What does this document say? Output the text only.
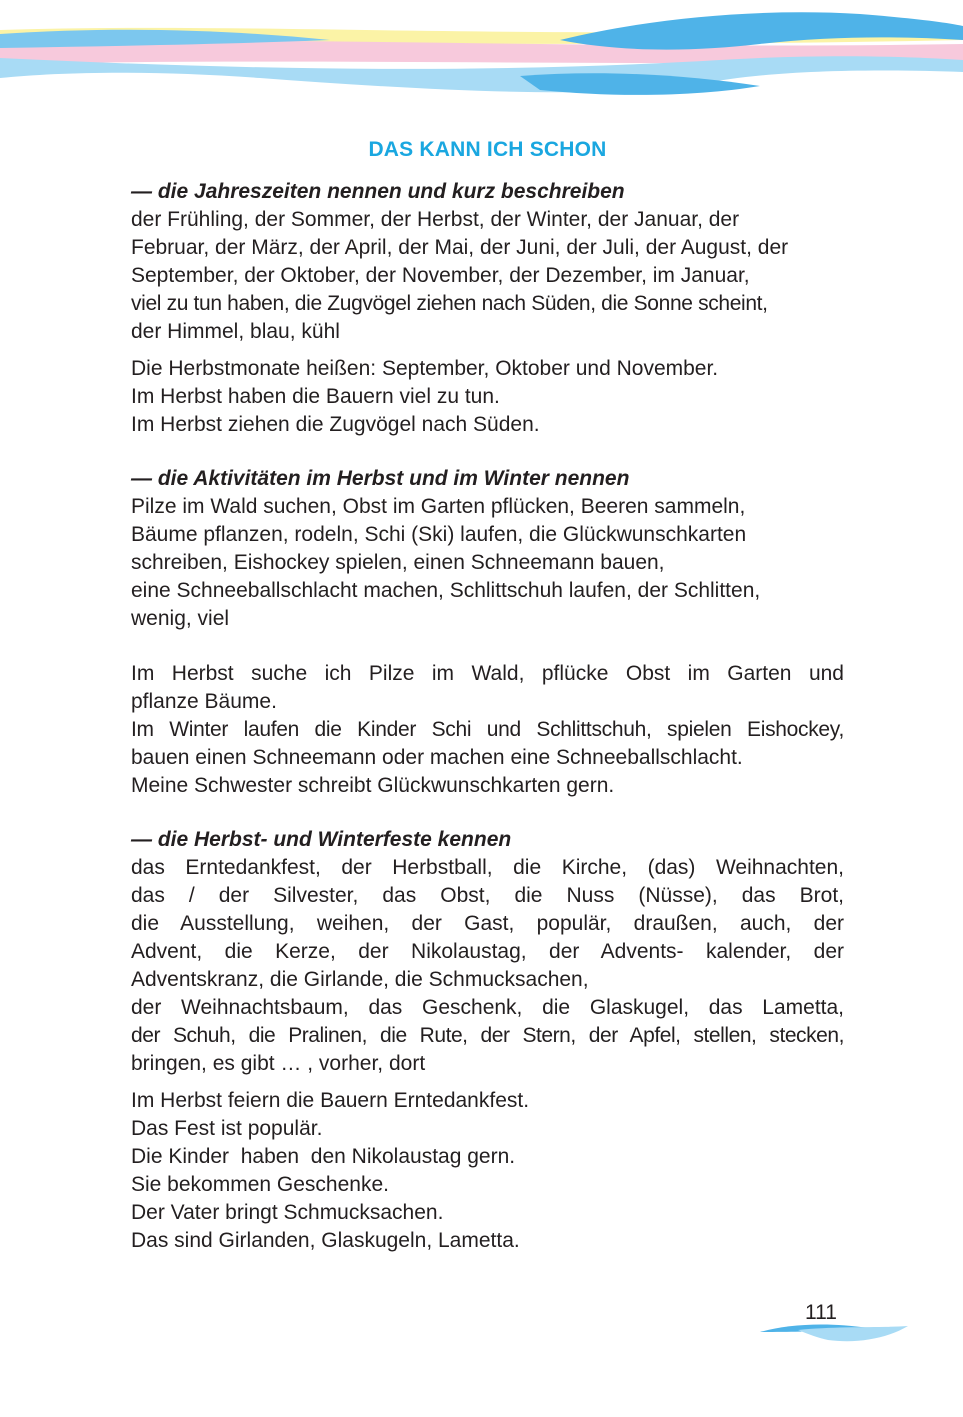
DAS KANN ICH SCHON
— die Jahreszeiten nennen und kurz beschreiben
der Frühling, der Sommer, der Herbst, der Winter, der Januar, der
Februar, der März, der April, der Mai, der Juni, der Juli, der August, der
September, der Oktober, der November, der Dezember, im Januar,
viel zu tun haben, die Zugvögel ziehen nach Süden, die Sonne scheint,
der Himmel, blau, kühl
Die Herbstmonate heißen: September, Oktober und November.
Im Herbst haben die Bauern viel zu tun.
Im Herbst ziehen die Zugvögel nach Süden.
— die Aktivitäten im Herbst und im Winter nennen
Pilze im Wald suchen, Obst im Garten pflücken, Beeren sammeln,
Bäume pflanzen, rodeln, Schi (Ski) laufen, die Glückwunschkarten
schreiben, Eishockey spielen, einen Schneemann bauen,
eine Schneeballschlacht machen, Schlittschuh laufen, der Schlitten,
wenig, viel
Im Herbst suche ich Pilze im Wald, pflücke Obst im Garten und
pflanze Bäume.
Im Winter laufen die Kinder Schi und Schlittschuh, spielen Eishockey,
bauen einen Schneemann oder machen eine Schneeballschlacht.
Meine Schwester schreibt Glückwunschkarten gern.
— die Herbst- und Winterfeste kennen
das Erntedankfest, der Herbstball, die Kirche, (das) Weihnachten,
das / der Silvester, das Obst, die Nuss (Nüsse), das Brot,
die Ausstellung, weihen, der Gast, populär, draußen, auch, der
Advent, die Kerze, der Nikolaustag, der Advents- kalender, der
Adventskranz, die Girlande, die Schmucksachen,
der Weihnachtsbaum, das Geschenk, die Glaskugel, das Lametta,
der Schuh, die Pralinen, die Rute, der Stern, der Apfel, stellen, stecken,
bringen, es gibt … , vorher, dort
Im Herbst feiern die Bauern Erntedankfest.
Das Fest ist populär.
Die Kinder  haben  den Nikolaustag gern.
Sie bekommen Geschenke.
Der Vater bringt Schmucksachen.
Das sind Girlanden, Glaskugeln, Lametta.
111
